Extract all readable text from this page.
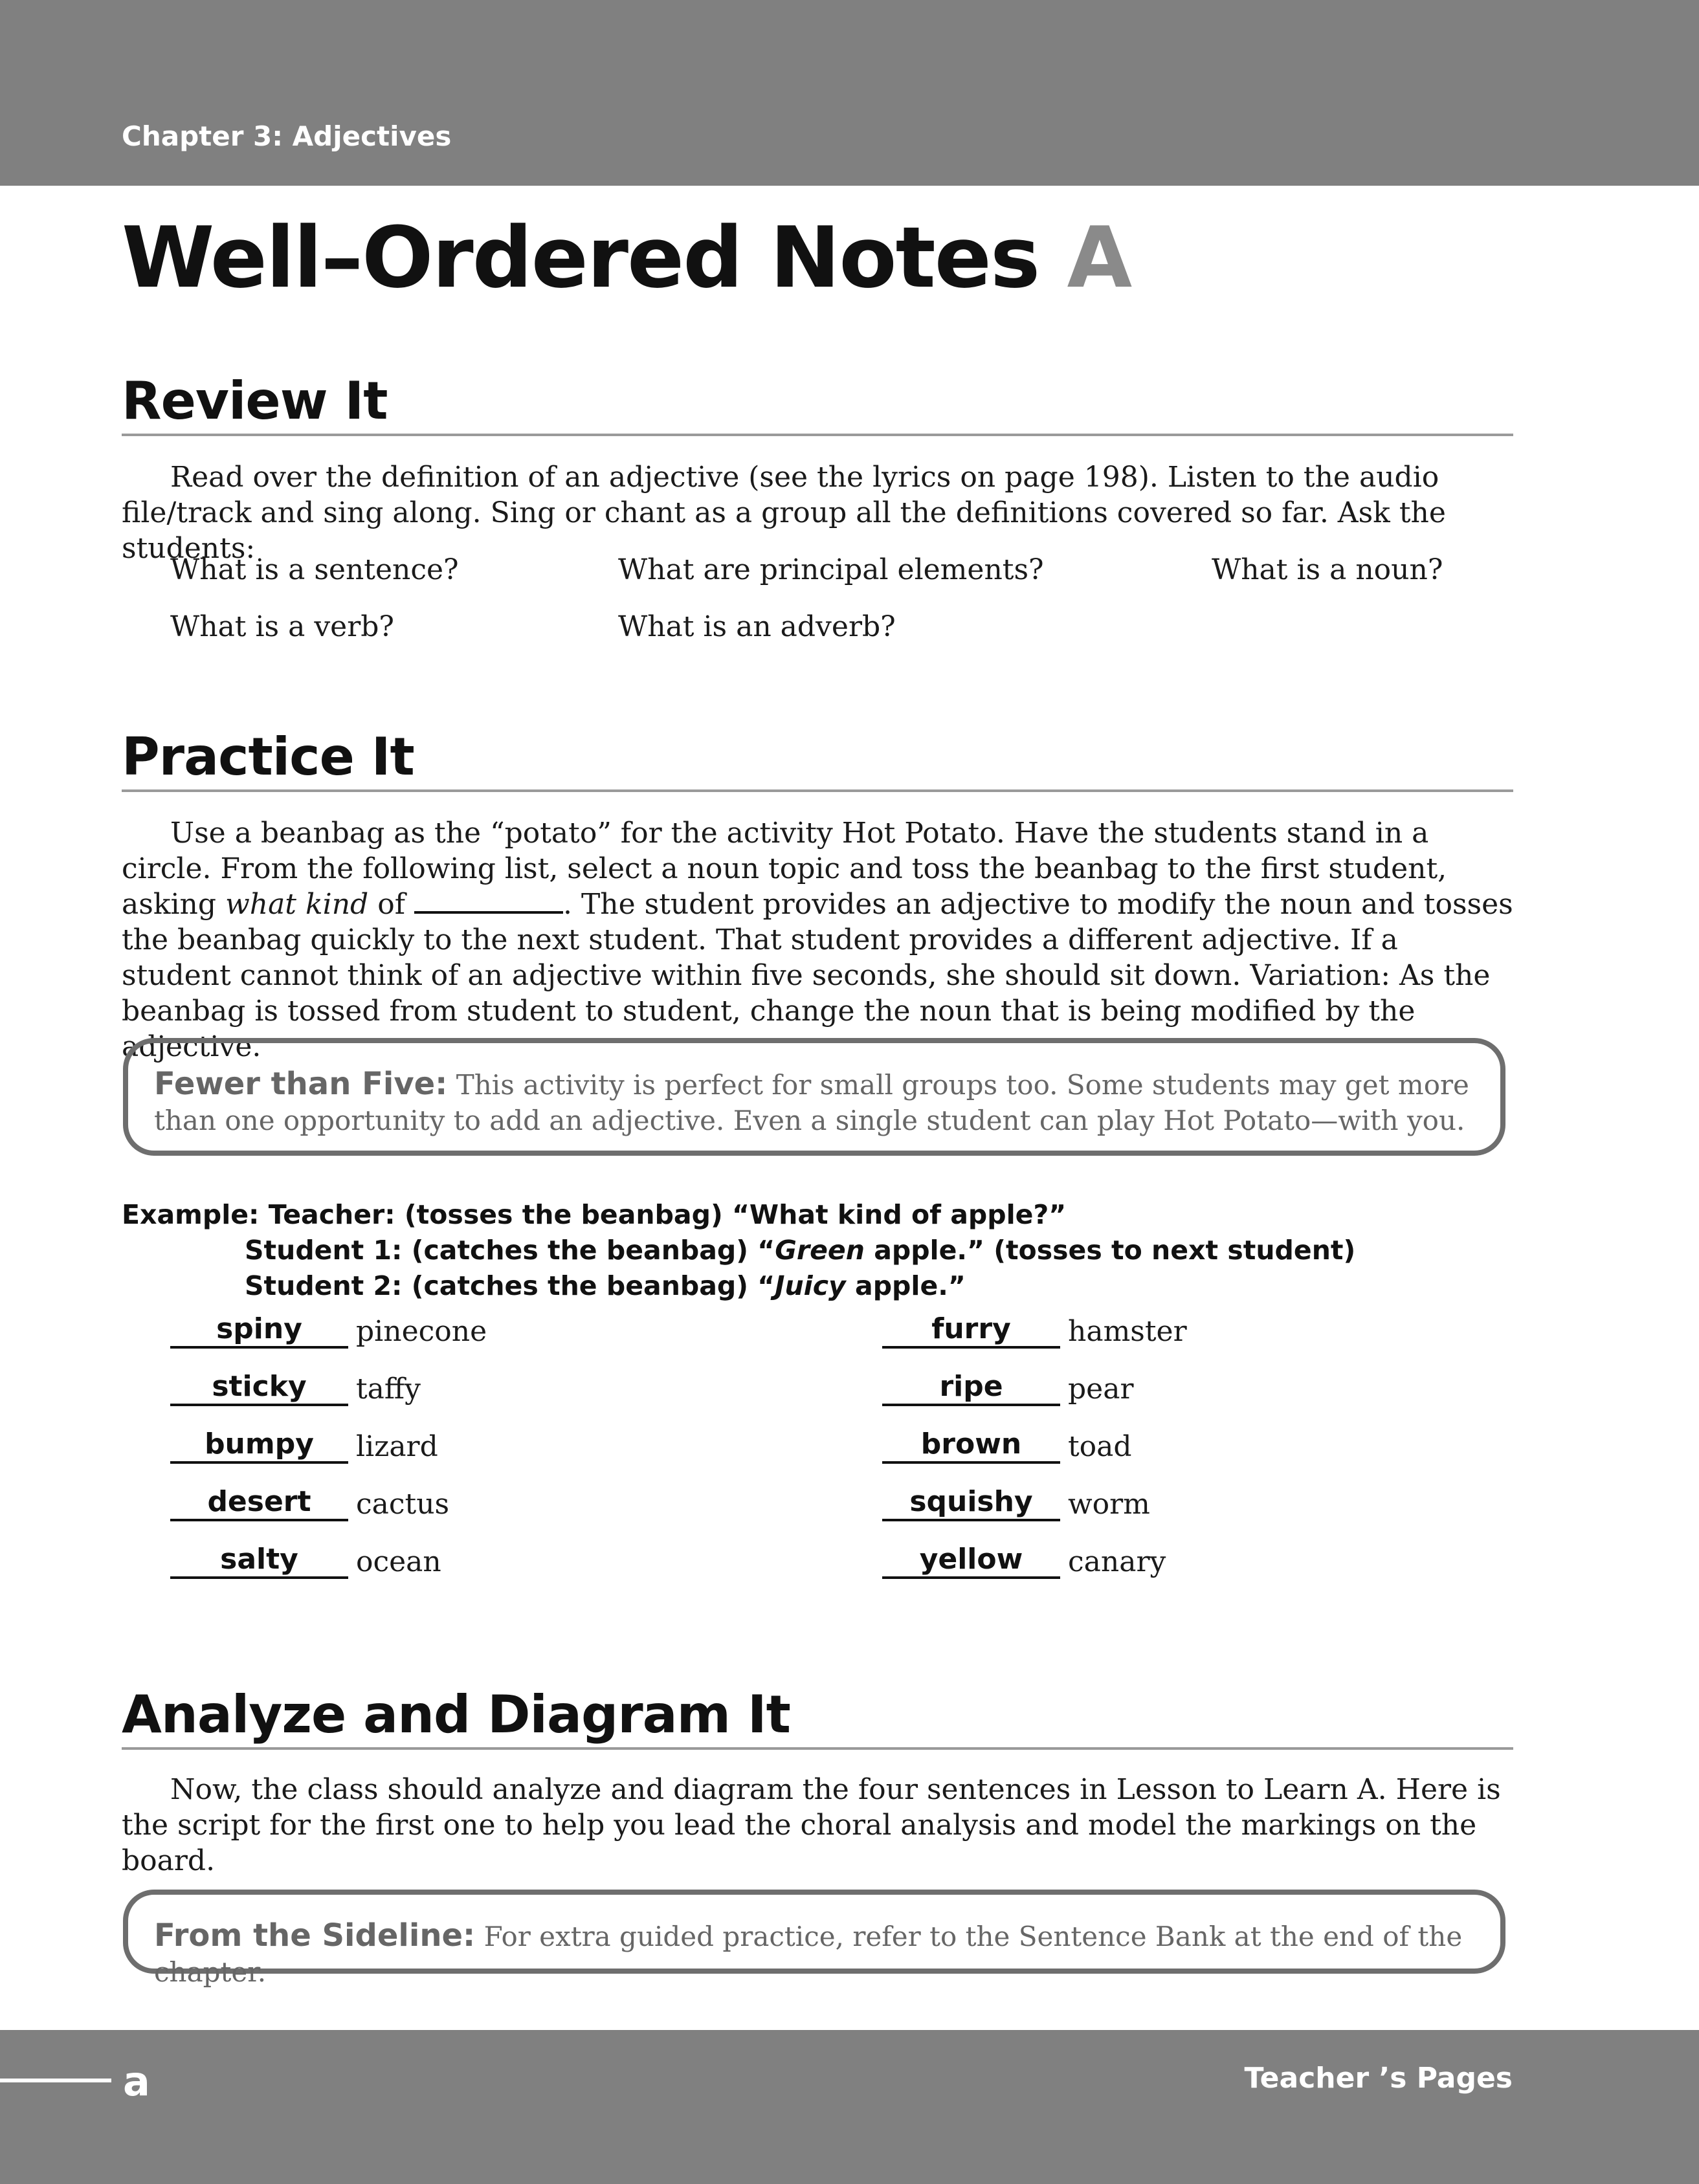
Chapter 3: Adjectives
Well–Ordered Notes A
Review It

Read over the definition of an adjective (see the lyrics on page 198). Listen to the audio file/track and sing along. Sing or chant as a group all the definitions covered so far. Ask the students:

What is a sentence?	What are principal elements?	What is a noun?
What is a verb?	What is an adverb?
Practice It

Use a beanbag as the “potato” for the activity Hot Potato. Have the students stand in a circle. From the following list, select a noun topic and toss the beanbag to the first student, asking what kind of	. The student provides an adjective to modify the noun and tosses the beanbag quickly to the next student. That student provides a different adjective. If a student cannot think of an adjective within five seconds, she should sit down. Variation: As the beanbag is tossed from student to student, change the noun that is being modified by the adjective.

Fewer than Five: This activity is perfect for small groups too. Some students may get more than one opportunity to add an adjective. Even a single student can play Hot Potato—with you.
Example: Teacher: (tosses the beanbag) “What kind of apple?”
Student 1: (catches the beanbag) “Green apple.” (tosses to next student)
Student 2: (catches the beanbag) “Juicy apple.”
spiny pinecone
sticky taffy
bumpy lizard
desert cactus
salty ocean
furry hamster
ripe pear
brown toad
squishy worm
yellow canary
Analyze and Diagram It

Now, the class should analyze and diagram the four sentences in Lesson to Learn A. Here is the script for the first one to help you lead the choral analysis and model the markings on the board.

From the Sideline: For extra guided practice, refer to the Sentence Bank at the end of the chapter.
a	Teacher ’s Pages
